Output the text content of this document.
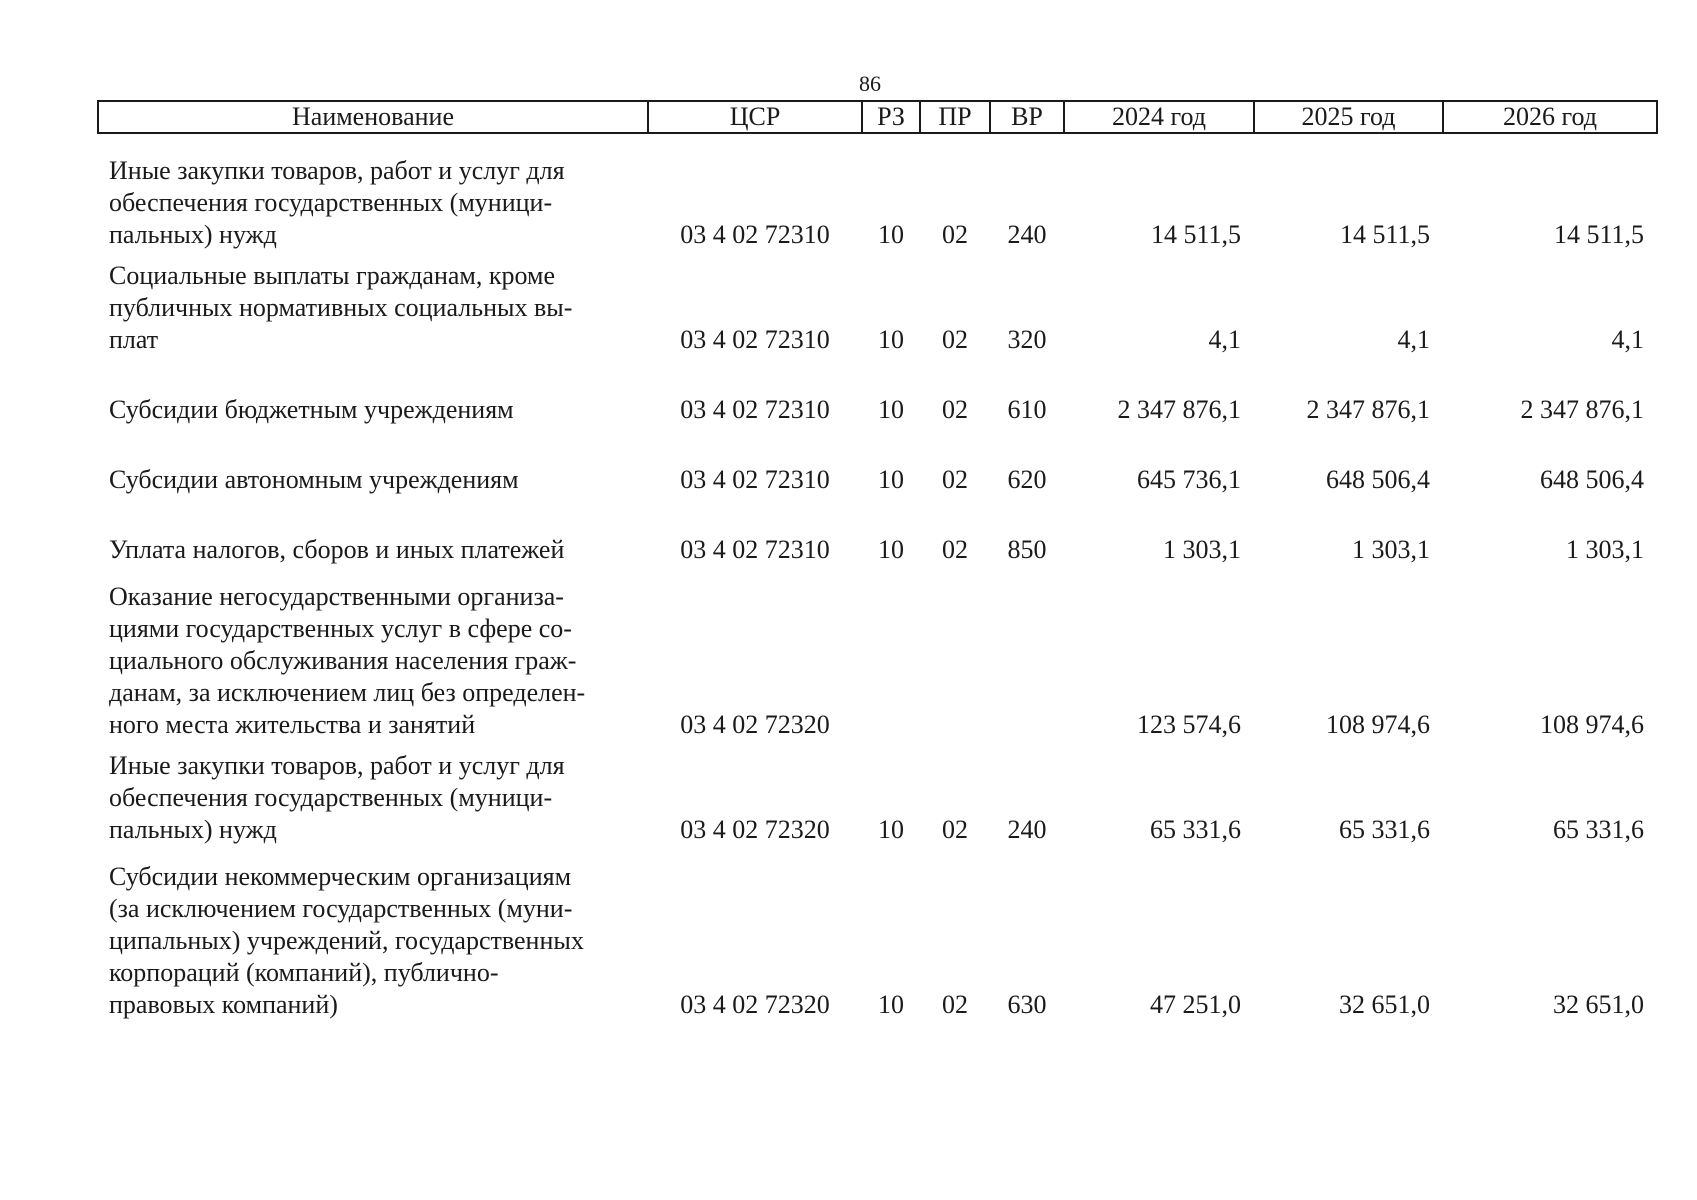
86
Наименование	ЦСР	РЗ	ПР	ВР	2024 год	2025 год	2026 год

Иные закупки товаров, работ и услуг для
обеспечения государственных (муници-
пальных) нужд	03 4 02 72310	10	02	240	14 511,5	14 511,5	14 511,5

Социальные выплаты гражданам, кроме
публичных нормативных социальных вы-
плат	03 4 02 72310	10	02	320	4,1	4,1	4,1

Субсидии бюджетным учреждениям	03 4 02 72310	10	02	610	2 347 876,1	2 347 876,1	2 347 876,1

Субсидии автономным учреждениям	03 4 02 72310	10	02	620	645 736,1	648 506,4	648 506,4

Уплата налогов, сборов и иных платежей	03 4 02 72310	10	02	850	1 303,1	1 303,1	1 303,1

Оказание негосударственными организа-
циями государственных услуг в сфере со-
циального обслуживания населения граж-
данам, за исключением лиц без определен-
ного места жительства и занятий	03 4 02 72320				123 574,6	108 974,6	108 974,6

Иные закупки товаров, работ и услуг для
обеспечения государственных (муници-
пальных) нужд	03 4 02 72320	10	02	240	65 331,6	65 331,6	65 331,6

Субсидии некоммерческим организациям
(за исключением государственных (муни-
ципальных) учреждений, государственных
корпораций (компаний), публично-
правовых компаний)	03 4 02 72320	10	02	630	47 251,0	32 651,0	32 651,0
